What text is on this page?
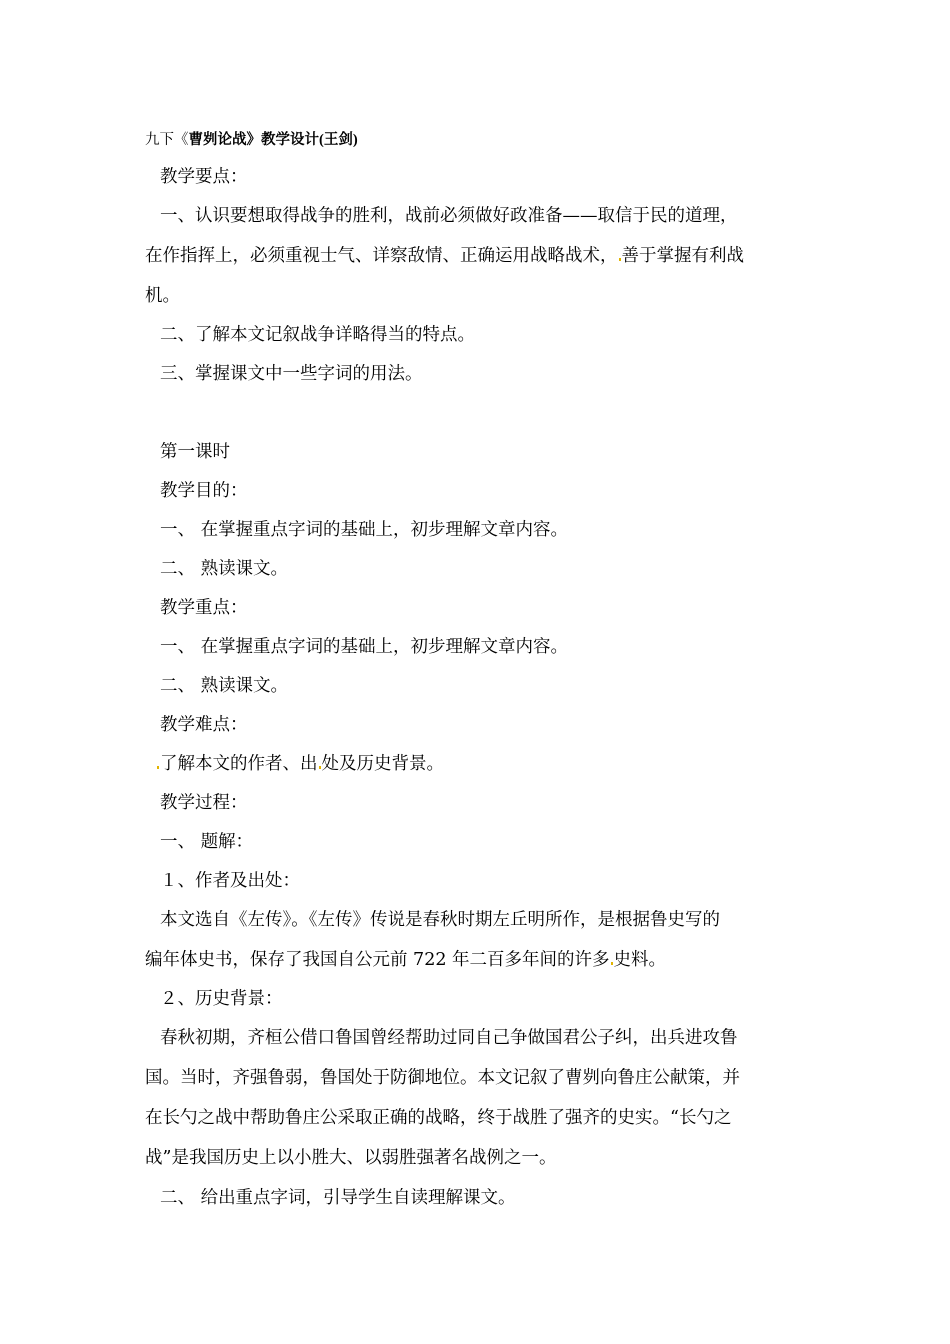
九下《曹刿论战》教学设计(王剑)
教学要点：
一、认识要想取得战争的胜利，战前必须做好政准备——取信于民的道理，
在作指挥上，必须重视士气、详察敌情、正确运用战略战术， 善于掌握有利战
机。
二、了解本文记叙战争详略得当的特点。
三、掌握课文中一些字词的用法。
第一课时
教学目的：
一、 在掌握重点字词的基础上，初步理解文章内容。
二、 熟读课文。
教学重点：
一、 在掌握重点字词的基础上，初步理解文章内容。
二、 熟读课文。
教学难点：
了解本文的作者、出 处及历史背景。
教学过程：
一、 题解：
１、作者及出处：
本文选自《左传》。《左传》传说是春秋时期左丘明所作，是根据鲁史写的
编年体史书，保存了我国自公元前 722 年二百多年间的许多 史料。
２、历史背景：
春秋初期，齐桓公借口鲁国曾经帮助过同自己争做国君公子纠，出兵进攻鲁
国。当时，齐强鲁弱，鲁国处于防御地位。本文记叙了曹刿向鲁庄公献策，并
在长勺之战中帮助鲁庄公采取正确的战略，终于战胜了强齐的史实。“长勺之
战”是我国历史上以小胜大、以弱胜强著名战例之一。
二、 给出重点字词，引导学生自读理解课文。
